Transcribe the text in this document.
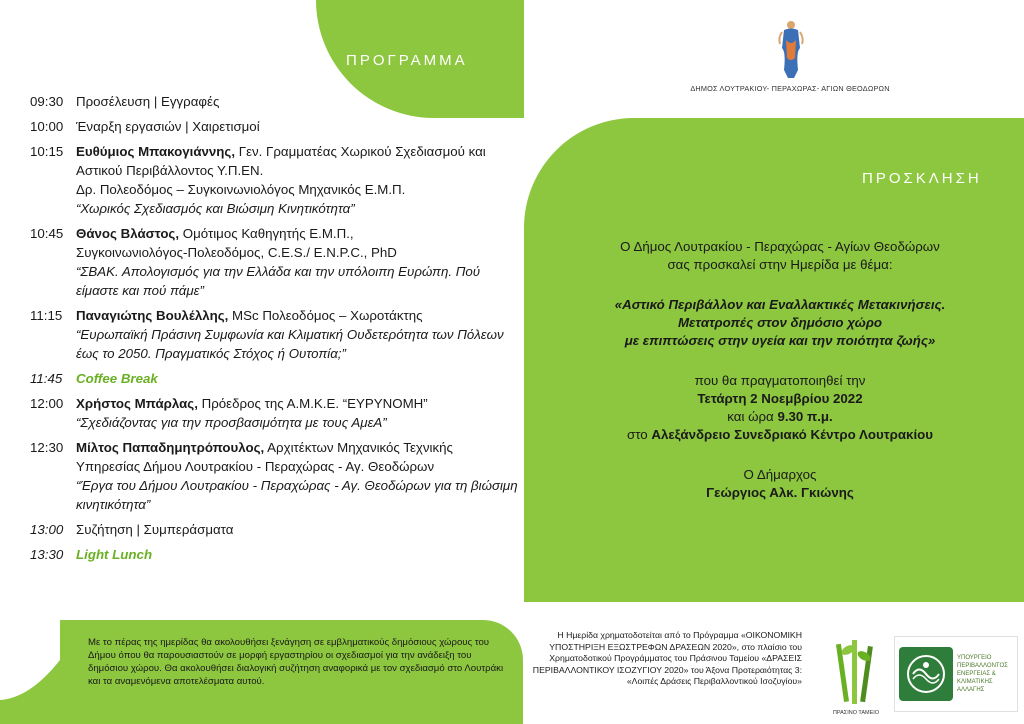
ΠΡΟΓΡΑΜΜΑ
09:30 Προσέλευση | Εγγραφές
10:00 Έναρξη εργασιών | Χαιρετισμοί
10:15 Ευθύμιος Μπακογιάννης, Γεν. Γραμματέας Χωρικού Σχεδιασμού και Αστικού Περιβάλλοντος Υ.Π.ΕΝ.
Δρ. Πολεοδόμος – Συγκοινωνιολόγος Μηχανικός Ε.Μ.Π.
“Χωρικός Σχεδιασμός και Βιώσιμη Κινητικότητα”
10:45 Θάνος Βλάστος, Ομότιμος Καθηγητής Ε.Μ.Π.,
Συγκοινωνιολόγος-Πολεοδόμος, C.E.S./ E.N.P.C., PhD
“ΣΒΑΚ. Απολογισμός για την Ελλάδα και την υπόλοιπη Ευρώπη. Πού είμαστε και πού πάμε”
11:15	Παναγιώτης Βουλέλλης, MSc Πολεοδόμος – Χωροτάκτης
“Ευρωπαϊκή Πράσινη Συμφωνία και Κλιματική Ουδετερότητα των Πόλεων έως το 2050. Πραγματικός Στόχος ή Ουτοπία;”
11:45	Coffee Break
12:00 Χρήστος Μπάρλας, Πρόεδρος της Α.Μ.Κ.Ε. “ΕΥΡΥΝΟΜΗ”
“Σχεδιάζοντας για την προσβασιμότητα με τους ΑμεΑ”
12:30 Μίλτος Παπαδημητρόπουλος, Αρχιτέκτων Μηχανικός Τεχνικής Υπηρεσίας Δήμου Λουτρακίου - Περαχώρας - Αγ. Θεοδώρων
“Έργα του Δήμου Λουτρακίου - Περαχώρας - Αγ. Θεοδώρων για τη βιώσιμη κινητικότητα”
13:00 Συζήτηση | Συμπεράσματα
13:30 Light Lunch

Με το πέρας της ημερίδας θα ακολουθήσει ξενάγηση σε εμβληματικούς δημόσιους χώρους του Δήμου όπου θα παρουσιαστούν σε μορφή εργαστηρίου οι σχεδιασμοί για την ανάδειξη του δημόσιου χώρου. Θα ακολουθήσει διαλογική συζήτηση αναφορικά με τον σχεδιασμό στο Λουτράκι και τα αναμενόμενα αποτελέσματα αυτού.

ΔΗΜΟΣ ΛΟΥΤΡΑΚΙΟΥ- ΠΕΡΑΧΩΡΑΣ- ΑΓΙΩΝ ΘΕΟΔΩΡΩΝ
ΠΡΟΣΚΛΗΣΗ
Ο Δήμος Λουτρακίου - Περαχώρας - Αγίων Θεοδώρων
σας προσκαλεί στην Ημερίδα με θέμα:
«Αστικό Περιβάλλον και Εναλλακτικές Μετακινήσεις.
Μετατροπές στον δημόσιο χώρο
με επιπτώσεις στην υγεία και την ποιότητα ζωής»
που θα πραγματοποιηθεί την
Τετάρτη 2 Νοεμβρίου 2022
και ώρα 9.30 π.μ.
στο Αλεξάνδρειο Συνεδριακό Κέντρο Λουτρακίου
Ο Δήμαρχος
Γεώργιος Αλκ. Γκιώνης
Η Ημερίδα χρηματοδοτείται από το Πρόγραμμα «ΟΙΚΟΝΟΜΙΚΗ ΥΠΟΣΤΗΡΙΞΗ ΕΞΩΣΤΡΕΦΩΝ ΔΡΑΣΕΩΝ 2020», στο πλαίσιο του Χρηματοδοτικού Προγράμματος του Πράσινου Ταμείου «ΔΡΑΣΕΙΣ ΠΕΡΙΒΑΛΛΟΝΤΙΚΟΥ ΙΣΟΖΥΓΙΟΥ 2020» του Άξονα Προτεραιότητας 3: «Λοιπές Δράσεις Περιβαλλοντικού Ισοζυγίου»
ΠΡΑΣΙΝΟ ΤΑΜΕΙΟ
ΥΠΟΥΡΓΕΙΟ ΠΕΡΙΒΑΛΛΟΝΤΟΣ ΕΝΕΡΓΕΙΑΣ & ΚΛΙΜΑΤΙΚΗΣ ΑΛΛΑΓΗΣ
